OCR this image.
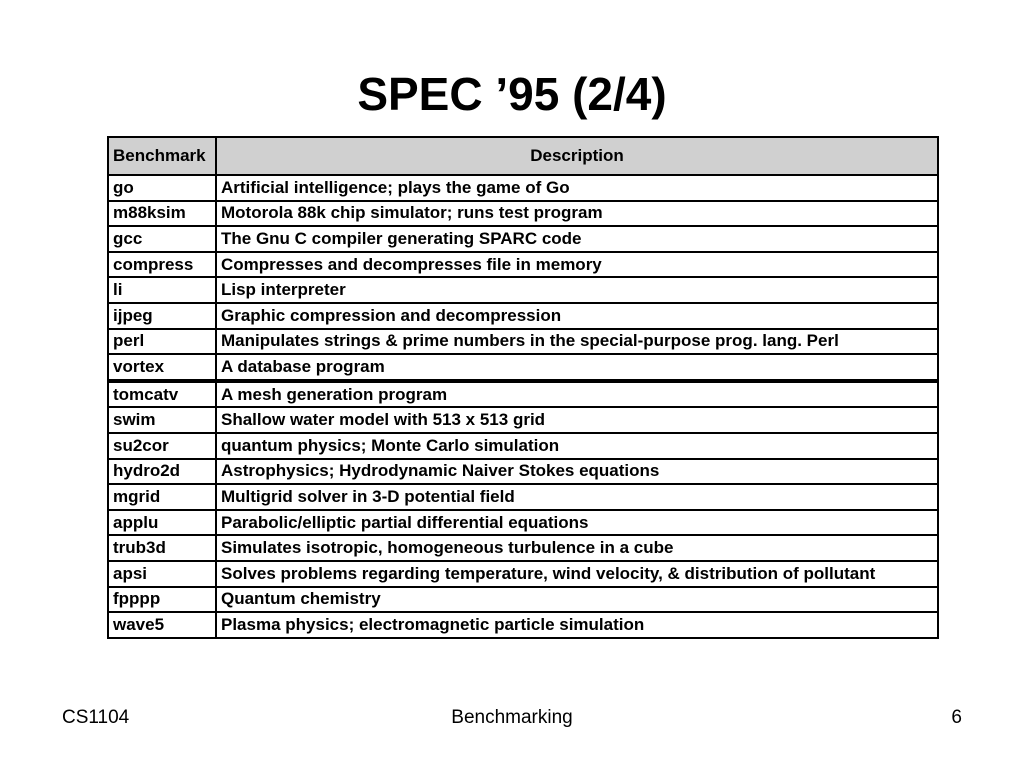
SPEC ’95 (2/4)
Benchmark	Description
go	Artificial intelligence; plays the game of Go
m88ksim	Motorola 88k chip simulator; runs test program
gcc	The Gnu C compiler generating SPARC code
compress	Compresses and decompresses file in memory
li	Lisp interpreter
ijpeg	Graphic compression and decompression
perl	Manipulates strings & prime numbers in the special-purpose prog. lang. Perl
vortex	A database program
tomcatv	A mesh generation program
swim	Shallow water model with 513 x 513 grid
su2cor	quantum physics; Monte Carlo simulation
hydro2d	Astrophysics; Hydrodynamic Naiver Stokes equations
mgrid	Multigrid solver in 3-D potential field
applu	Parabolic/elliptic partial differential equations
trub3d	Simulates isotropic, homogeneous turbulence in a cube
apsi	Solves problems regarding temperature, wind velocity, & distribution of pollutant
fpppp	Quantum chemistry
wave5	Plasma physics; electromagnetic particle simulation
CS1104	Benchmarking	6
